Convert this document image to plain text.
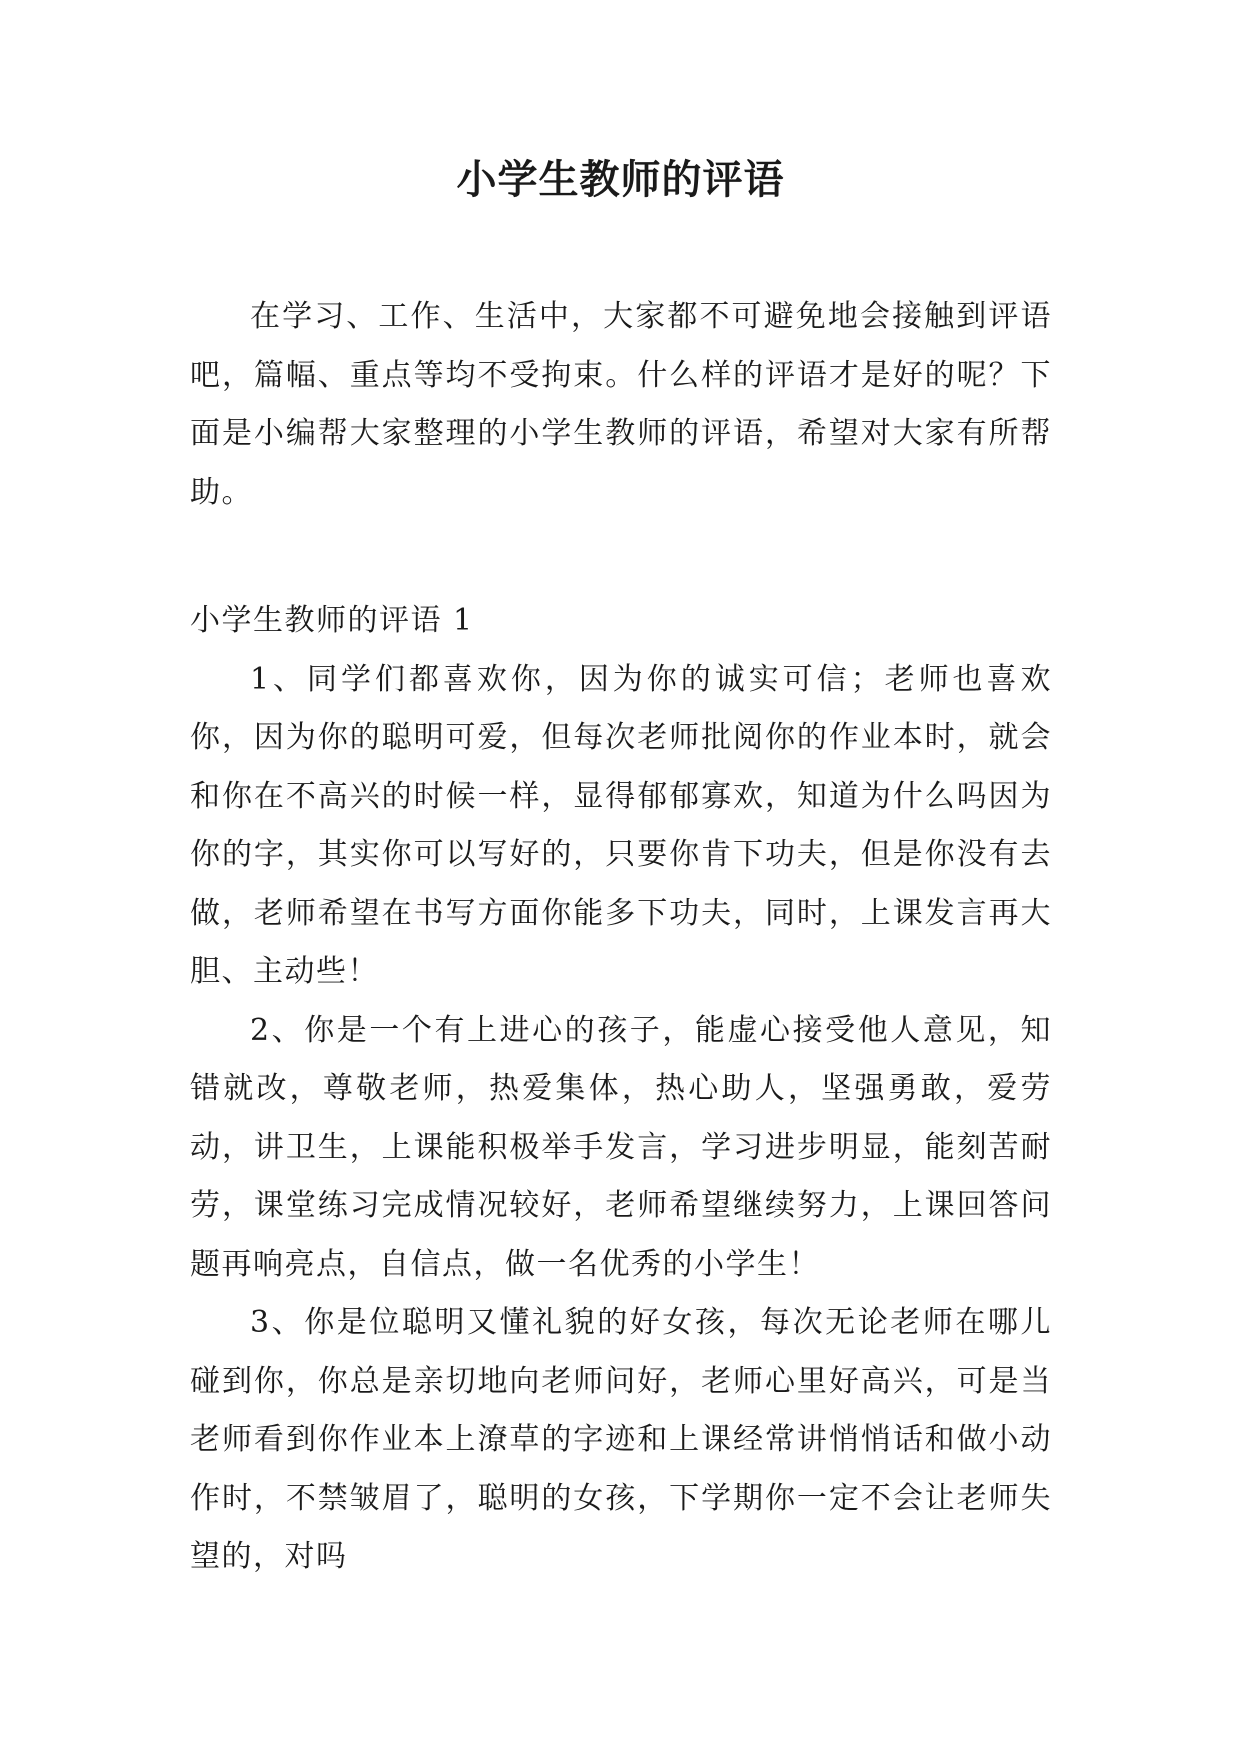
小学生教师的评语

在学习、工作、生活中，大家都不可避免地会接触到评语吧，篇幅、重点等均不受拘束。什么样的评语才是好的呢？下面是小编帮大家整理的小学生教师的评语，希望对大家有所帮助。

小学生教师的评语 1

1、同学们都喜欢你，因为你的诚实可信；老师也喜欢你，因为你的聪明可爱，但每次老师批阅你的作业本时，就会和你在不高兴的时候一样，显得郁郁寡欢，知道为什么吗因为你的字，其实你可以写好的，只要你肯下功夫，但是你没有去做，老师希望在书写方面你能多下功夫，同时，上课发言再大胆、主动些！

2、你是一个有上进心的孩子，能虚心接受他人意见，知错就改，尊敬老师，热爱集体，热心助人，坚强勇敢，爱劳动，讲卫生，上课能积极举手发言，学习进步明显，能刻苦耐劳，课堂练习完成情况较好，老师希望继续努力，上课回答问题再响亮点，自信点，做一名优秀的小学生！

3、你是位聪明又懂礼貌的好女孩，每次无论老师在哪儿碰到你，你总是亲切地向老师问好，老师心里好高兴，可是当老师看到你作业本上潦草的字迹和上课经常讲悄悄话和做小动作时，不禁皱眉了，聪明的女孩，下学期你一定不会让老师失望的，对吗
